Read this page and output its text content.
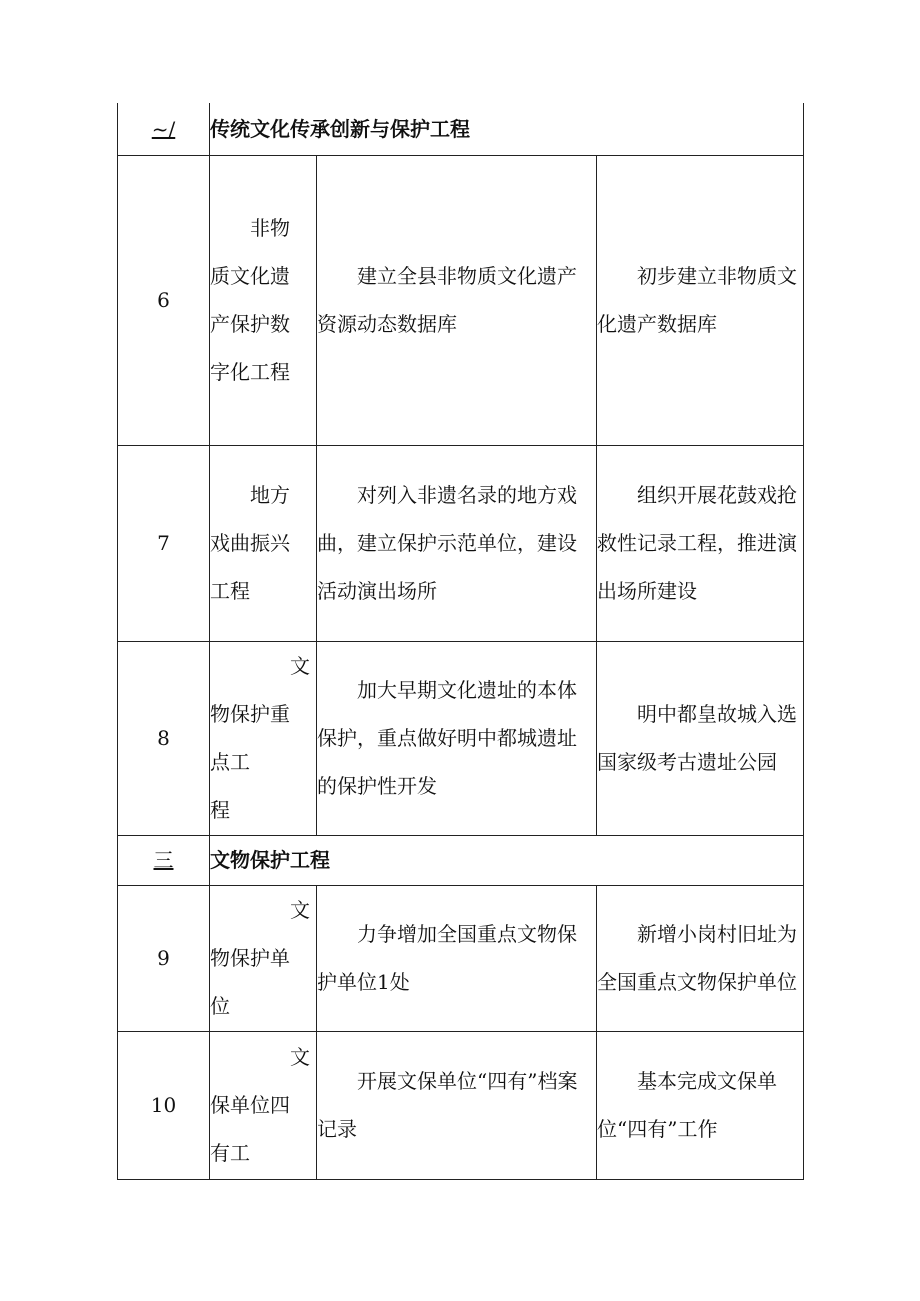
~/	传统文化传承创新与保护工程		
6	非物
质文化遗
产保护数
字化工程	建立全县非物质文化遗产资源动态数据库	初步建立非物质文化遗产数据库

7	地方
戏曲振兴
工程	对列入非遗名录的地方戏曲，建立保护示范单位，建设活动演出场所	组织开展花鼓戏抢救性记录工程，推进演出场所建设

8	文
物保护重
点工
程	加大早期文化遗址的本体保护，重点做好明中都城遗址的保护性开发	明中都皇故城入选国家级考古遗址公园

三	文物保护工程		
9	文
物保护单
位	力争增加全国重点文物保护单位1处	新增小岗村旧址为全国重点文物保护单位

10	文
保单位四
有工	开展文保单位“四有”档案记录	基本完成文保单位“四有”工作
